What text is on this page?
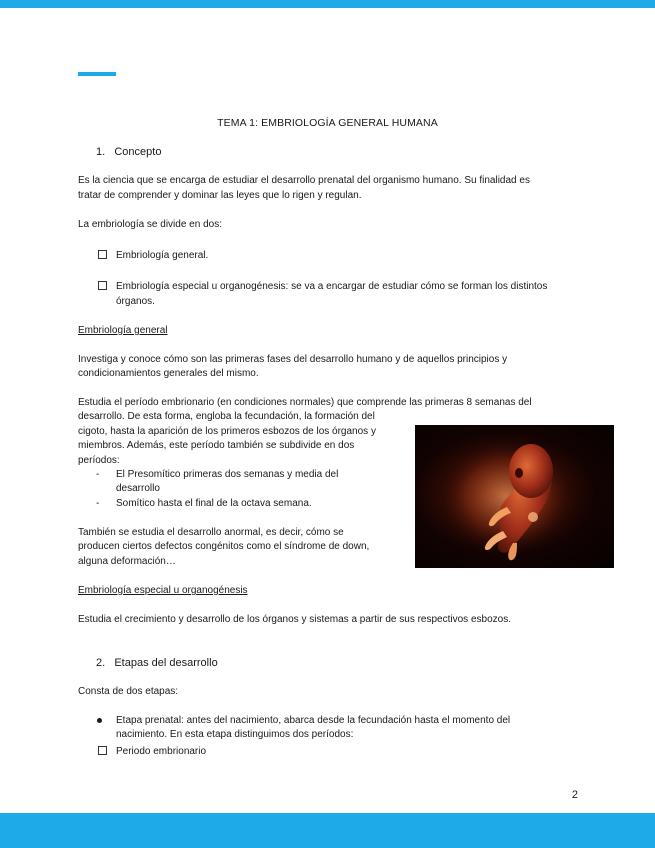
TEMA 1: EMBRIOLOGÍA GENERAL HUMANA
1.   Concepto
Es la ciencia que se encarga de estudiar el desarrollo prenatal del organismo humano. Su finalidad es
tratar de comprender y dominar las leyes que lo rigen y regulan.
La embriología se divide en dos:
Embriología general.
Embriología especial u organogénesis: se va a encargar de estudiar cómo se forman los distintos
órganos.
Embriología general
Investiga y conoce cómo son las primeras fases del desarrollo humano y de aquellos principios y
condicionamientos generales del mismo.
Estudia el período embrionario (en condiciones normales) que comprende las primeras 8 semanas del
desarrollo. De esta forma, engloba la fecundación, la formación del
cigoto, hasta la aparición de los primeros esbozos de los órganos y
miembros. Además, este período también se subdivide en dos
períodos:
- El Presomítico primeras dos semanas y media del
desarrollo
- Somítico hasta el final de la octava semana.
También se estudia el desarrollo anormal, es decir, cómo se
producen ciertos defectos congénitos como el síndrome de down,
alguna deformación…
Embriología especial u organogénesis
Estudia el crecimiento y desarrollo de los órganos y sistemas a partir de sus respectivos esbozos.
2.   Etapas del desarrollo
Consta de dos etapas:
Etapa prenatal: antes del nacimiento, abarca desde la fecundación hasta el momento del
nacimiento. En esta etapa distinguimos dos períodos:
Periodo embrionario
2
